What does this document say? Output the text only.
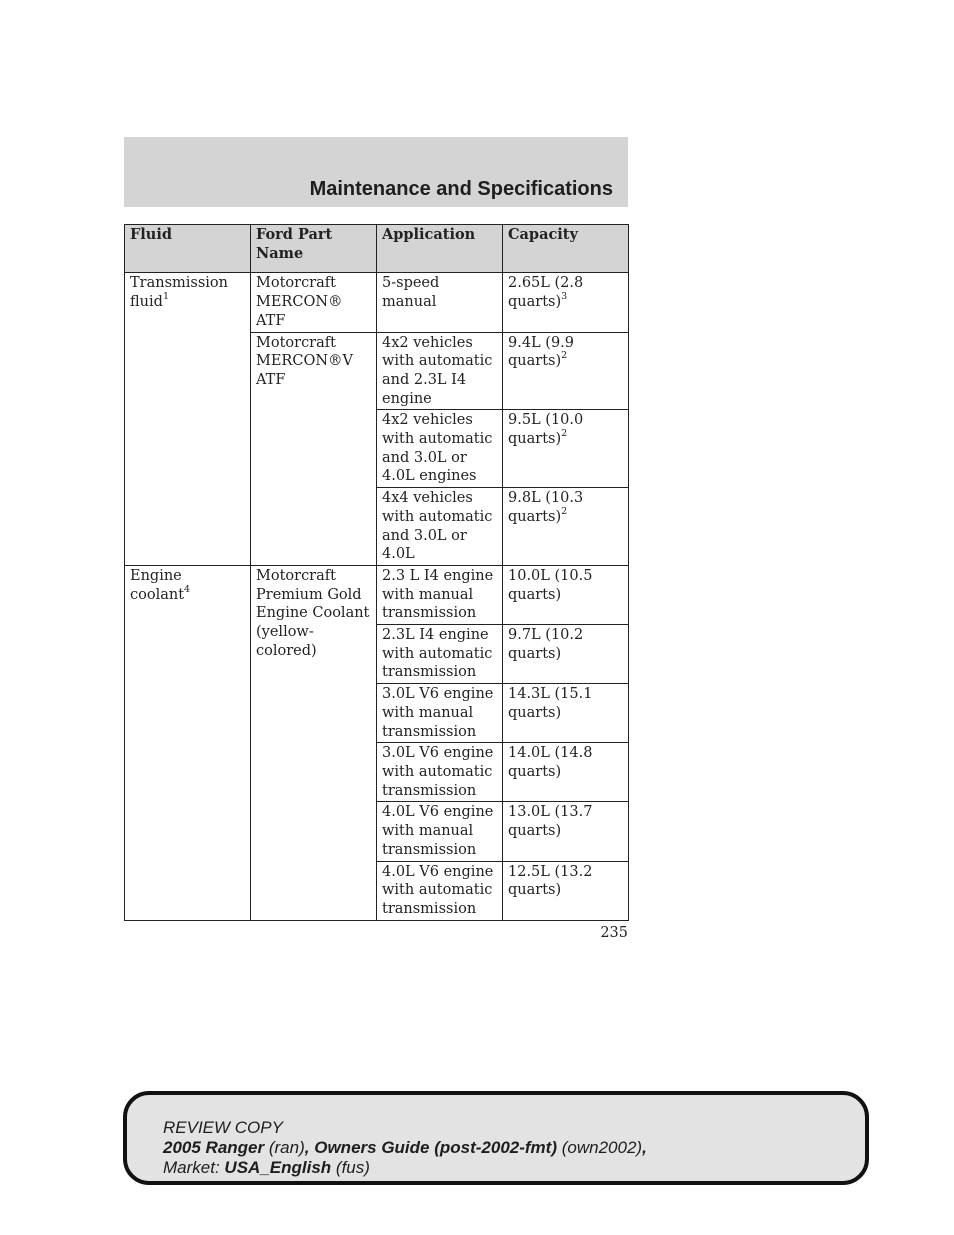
Maintenance and Specifications
Fluid	Ford Part Name	Application	Capacity
Transmission fluid$^1$	Motorcraft MERCON® ATF	5-speed manual	2.65L (2.8 quarts)$^3$
	Motorcraft MERCON®V ATF	4x2 vehicles with automatic and 2.3L I4 engine	9.4L (9.9 quarts)$^2$
		4x2 vehicles with automatic and 3.0L or 4.0L engines	9.5L (10.0 quarts)$^2$
		4x4 vehicles with automatic and 3.0L or 4.0L	9.8L (10.3 quarts)$^2$
Engine coolant$^4$	Motorcraft Premium Gold Engine Coolant (yellow-colored)	2.3 L I4 engine with manual transmission	10.0L (10.5 quarts)
		2.3L I4 engine with automatic transmission	9.7L (10.2 quarts)
		3.0L V6 engine with manual transmission	14.3L (15.1 quarts)
		3.0L V6 engine with automatic transmission	14.0L (14.8 quarts)
		4.0L V6 engine with manual transmission	13.0L (13.7 quarts)
		4.0L V6 engine with automatic transmission	12.5L (13.2 quarts)
235
REVIEW COPY
2005 Ranger (ran), Owners Guide (post-2002-fmt) (own2002),
Market: USA_English (fus)
